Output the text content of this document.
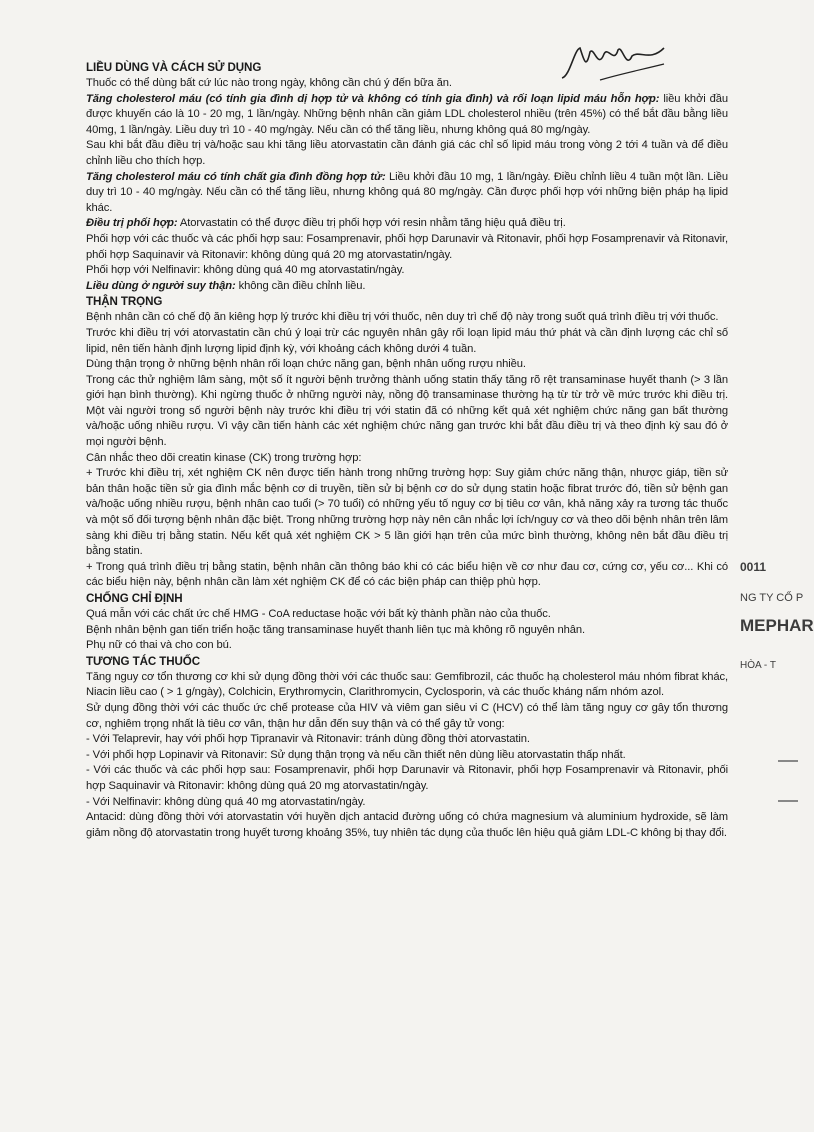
LIỀU DÙNG VÀ CÁCH SỬ DỤNG

Thuốc có thể dùng bất cứ lúc nào trong ngày, không cần chú ý đến bữa ăn.

Tăng cholesterol máu (có tính gia đình dị hợp tử và không có tính gia đình) và rối loạn lipid máu hỗn hợp: liều khởi đầu được khuyến cáo là 10 - 20 mg, 1 lần/ngày. Những bệnh nhân cần giảm LDL cholesterol nhiều (trên 45%) có thể bắt đầu bằng liều 40mg, 1 lần/ngày. Liều duy trì 10 - 40 mg/ngày. Nếu cần có thể tăng liều, nhưng không quá 80 mg/ngày.

Sau khi bắt đầu điều trị và/hoặc sau khi tăng liều atorvastatin cần đánh giá các chỉ số lipid máu trong vòng 2 tới 4 tuần và để điều chỉnh liều cho thích hợp.

Tăng cholesterol máu có tính chất gia đình đồng hợp tử: Liều khởi đầu 10 mg, 1 lần/ngày. Điều chỉnh liều 4 tuần một lần. Liều duy trì 10 - 40 mg/ngày. Nếu cần có thể tăng liều, nhưng không quá 80 mg/ngày. Cần được phối hợp với những biện pháp hạ lipid khác.

Điều trị phối hợp: Atorvastatin có thể được điều trị phối hợp với resin nhằm tăng hiệu quả điều trị.

Phối hợp với các thuốc và các phối hợp sau: Fosamprenavir, phối hợp Darunavir và Ritonavir, phối hợp Fosamprenavir và Ritonavir, phối hợp Saquinavir và Ritonavir: không dùng quá 20 mg atorvastatin/ngày.

Phối hợp với Nelfinavir: không dùng quá 40 mg atorvastatin/ngày.

Liều dùng ở người suy thận: không cần điều chỉnh liều.

THẬN TRỌNG

Bệnh nhân cần có chế độ ăn kiêng hợp lý trước khi điều trị với thuốc, nên duy trì chế độ này trong suốt quá trình điều trị với thuốc.

Trước khi điều trị với atorvastatin cần chú ý loại trừ các nguyên nhân gây rối loạn lipid máu thứ phát và cần định lượng các chỉ số lipid, nên tiến hành định lượng lipid định kỳ, với khoảng cách không dưới 4 tuần.

Dùng thận trọng ở những bệnh nhân rối loạn chức năng gan, bệnh nhân uống rượu nhiều.

Trong các thử nghiệm lâm sàng, một số ít người bệnh trưởng thành uống statin thấy tăng rõ rệt transaminase huyết thanh (> 3 lần giới hạn bình thường). Khi ngừng thuốc ở những người này, nồng độ transaminase thường hạ từ từ trở về mức trước khi điều trị. Một vài người trong số người bệnh này trước khi điều trị với statin đã có những kết quả xét nghiệm chức năng gan bất thường và/hoặc uống nhiều rượu. Vì vậy cần tiến hành các xét nghiệm chức năng gan trước khi bắt đầu điều trị và theo định kỳ sau đó ở mọi người bệnh.

Cân nhắc theo dõi creatin kinase (CK) trong trường hợp:

+ Trước khi điều trị, xét nghiệm CK nên được tiến hành trong những trường hợp: Suy giảm chức năng thận, nhược giáp, tiền sử bản thân hoặc tiền sử gia đình mắc bệnh cơ di truyền, tiền sử bị bệnh cơ do sử dụng statin hoặc fibrat trước đó, tiền sử bệnh gan và/hoặc uống nhiều rượu, bệnh nhân cao tuổi (> 70 tuổi) có những yếu tố nguy cơ bị tiêu cơ vân, khả năng xảy ra tương tác thuốc và một số đối tượng bệnh nhân đặc biệt. Trong những trường hợp này nên cân nhắc lợi ích/nguy cơ và theo dõi bệnh nhân trên lâm sàng khi điều trị bằng statin. Nếu kết quả xét nghiệm CK > 5 lần giới hạn trên của mức bình thường, không nên bắt đầu điều trị bằng statin.

+ Trong quá trình điều trị bằng statin, bệnh nhân cần thông báo khi có các biểu hiện về cơ như đau cơ, cứng cơ, yếu cơ... Khi có các biểu hiện này, bệnh nhân cần làm xét nghiệm CK để có các biện pháp can thiệp phù hợp.

CHỐNG CHỈ ĐỊNH

Quá mẫn với các chất ức chế HMG - CoA reductase hoặc với bất kỳ thành phần nào của thuốc.

Bệnh nhân bệnh gan tiến triển hoặc tăng transaminase huyết thanh liên tục mà không rõ nguyên nhân.

Phụ nữ có thai và cho con bú.

TƯƠNG TÁC THUỐC

Tăng nguy cơ tổn thương cơ khi sử dụng đồng thời với các thuốc sau: Gemfibrozil, các thuốc hạ cholesterol máu nhóm fibrat khác, Niacin liều cao ( > 1 g/ngày), Colchicin, Erythromycin, Clarithromycin, Cyclosporin, và các thuốc kháng nấm nhóm azol.

Sử dụng đồng thời với các thuốc ức chế protease của HIV và viêm gan siêu vi C (HCV) có thể làm tăng nguy cơ gây tổn thương cơ, nghiêm trọng nhất là tiêu cơ vân, thận hư dẫn đến suy thận và có thể gây tử vong:

- Với Telaprevir, hay với phối hợp Tipranavir và Ritonavir: tránh dùng đồng thời atorvastatin.

- Với phối hợp Lopinavir và Ritonavir: Sử dụng thận trọng và nếu cần thiết nên dùng liều atorvastatin thấp nhất.

- Với các thuốc và các phối hợp sau: Fosamprenavir, phối hợp Darunavir và Ritonavir, phối hợp Fosamprenavir và Ritonavir, phối hợp Saquinavir và Ritonavir: không dùng quá 20 mg atorvastatin/ngày.

- Với Nelfinavir: không dùng quá 40 mg atorvastatin/ngày.

Antacid: dùng đồng thời với atorvastatin với huyền dịch antacid đường uống có chứa magnesium và aluminium hydroxide, sẽ làm giảm nồng độ atorvastatin trong huyết tương khoảng 35%, tuy nhiên tác dụng của thuốc lên hiệu quả giảm LDL-C không bị thay đổi.

0011
NG TY CỔ P
MEPHAR
HÒA - T
